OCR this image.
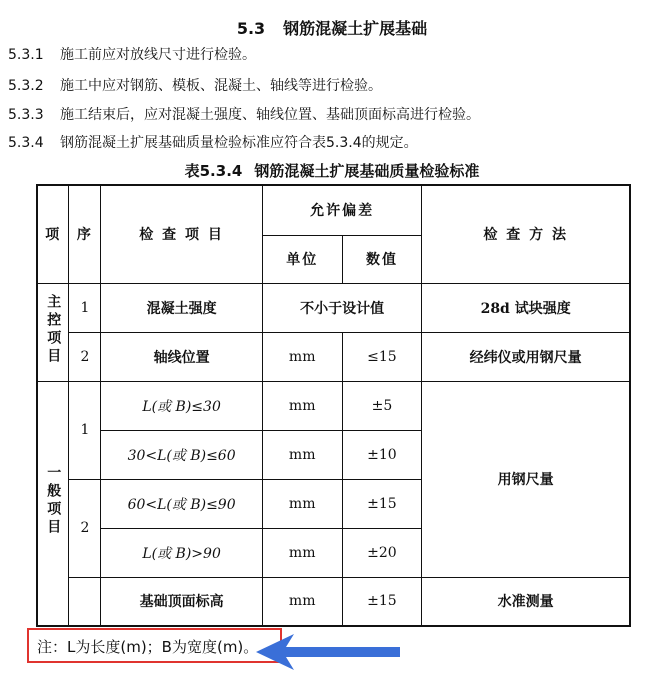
5.3 钢筋混凝土扩展基础
5.3.1 施工前应对放线尺寸进行检验。
5.3.2 施工中应对钢筋、模板、混凝土、轴线等进行检验。
5.3.3 施工结束后，应对混凝土强度、轴线位置、基础顶面标高进行检验。
5.3.4 钢筋混凝土扩展基础质量检验标准应符合表5.3.4的规定。
表5.3.4 钢筋混凝土扩展基础质量检验标准
项	序	检 查 项 目	允许偏差		检 查 方 法
			单位	数值	
主控项目	1	混凝土强度	不小于设计值		28d 试块强度
	2	轴线位置	mm	≤15	经纬仪或用钢尺量
一般项目	1	L(或 B)≤30	mm	±5	用钢尺量
		30<L(或 B)≤60	mm	±10	
	2	60<L(或 B)≤90	mm	±15	
		L(或 B)>90	mm	±20	
		基础顶面标高	mm	±15	水准测量
注：L为长度(m)；B为宽度(m)。
